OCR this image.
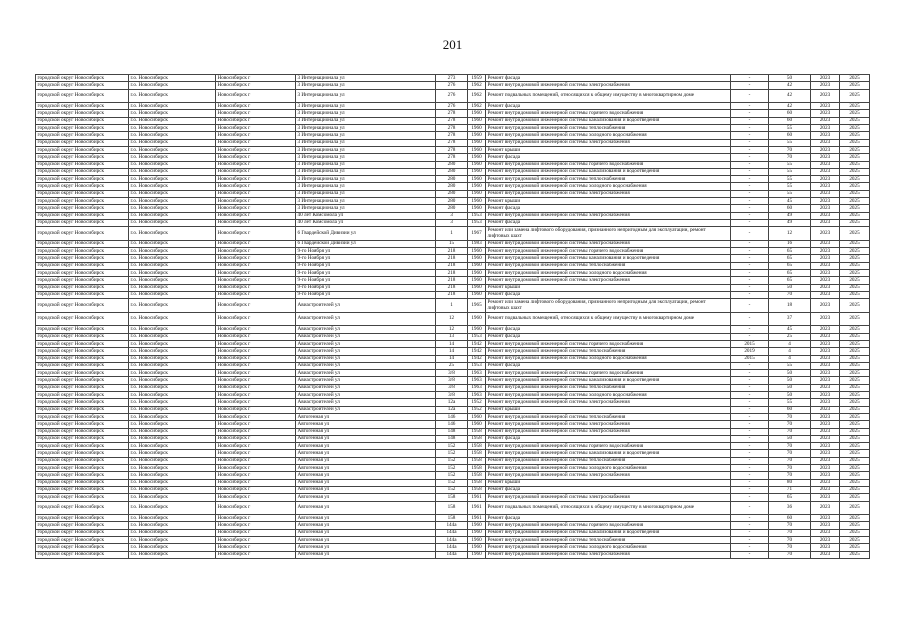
201
городской округ Новосибирск	г.о. Новосибирск	Новосибирск г	3 Интернационала ул	273	1959	Ремонт фасада	-	50	2023	2025
городской округ Новосибирск	г.о. Новосибирск	Новосибирск г	3 Интернационала ул	276	1962	Ремонт внутридомовой инженерной системы электроснабжения	-	42	2023	2025
городской округ Новосибирск	г.о. Новосибирск	Новосибирск г	3 Интернационала ул	276	1962	Ремонт подвальных помещений, относящихся к общему имуществу в многоквартирном доме	-	42	2023	2025
городской округ Новосибирск	г.о. Новосибирск	Новосибирск г	3 Интернационала ул	276	1962	Ремонт фасада	-	42	2023	2025
городской округ Новосибирск	г.о. Новосибирск	Новосибирск г	3 Интернационала ул	278	1960	Ремонт внутридомовой инженерной системы горячего водоснабжения	-	60	2023	2025
городской округ Новосибирск	г.о. Новосибирск	Новосибирск г	3 Интернационала ул	278	1960	Ремонт внутридомовой инженерной системы канализования и водоотведения	-	60	2023	2025
городской округ Новосибирск	г.о. Новосибирск	Новосибирск г	3 Интернационала ул	278	1960	Ремонт внутридомовой инженерной системы теплоснабжения	-	55	2023	2025
городской округ Новосибирск	г.о. Новосибирск	Новосибирск г	3 Интернационала ул	278	1960	Ремонт внутридомовой инженерной системы холодного водоснабжения	-	60	2023	2025
городской округ Новосибирск	г.о. Новосибирск	Новосибирск г	3 Интернационала ул	278	1960	Ремонт внутридомовой инженерной системы электроснабжения	-	55	2023	2025
городской округ Новосибирск	г.о. Новосибирск	Новосибирск г	3 Интернационала ул	278	1960	Ремонт крыши	-	70	2023	2025
городской округ Новосибирск	г.о. Новосибирск	Новосибирск г	3 Интернационала ул	278	1960	Ремонт фасада	-	70	2023	2025
городской округ Новосибирск	г.о. Новосибирск	Новосибирск г	3 Интернационала ул	280	1960	Ремонт внутридомовой инженерной системы горячего водоснабжения	-	55	2023	2025
городской округ Новосибирск	г.о. Новосибирск	Новосибирск г	3 Интернационала ул	280	1960	Ремонт внутридомовой инженерной системы канализования и водоотведения	-	55	2023	2025
городской округ Новосибирск	г.о. Новосибирск	Новосибирск г	3 Интернационала ул	280	1960	Ремонт внутридомовой инженерной системы теплоснабжения	-	55	2023	2025
городской округ Новосибирск	г.о. Новосибирск	Новосибирск г	3 Интернационала ул	280	1960	Ремонт внутридомовой инженерной системы холодного водоснабжения	-	55	2023	2025
городской округ Новосибирск	г.о. Новосибирск	Новосибирск г	3 Интернационала ул	280	1960	Ремонт внутридомовой инженерной системы электроснабжения	-	55	2023	2025
городской округ Новосибирск	г.о. Новосибирск	Новосибирск г	3 Интернационала ул	280	1960	Ремонт крыши	-	45	2023	2025
городской округ Новосибирск	г.о. Новосибирск	Новосибирск г	3 Интернационала ул	280	1960	Ремонт фасада	-	60	2023	2025
городской округ Новосибирск	г.о. Новосибирск	Новосибирск г	40 лет Комсомола ул	3	1953	Ремонт внутридомовой инженерной системы электроснабжения	-	49	2023	2025
городской округ Новосибирск	г.о. Новосибирск	Новосибирск г	40 лет Комсомола ул	3	1953	Ремонт фасада	-	49	2023	2025
городской округ Новосибирск	г.о. Новосибирск	Новосибирск г	6 Гвардейской Дивизии ул	1	1967	Ремонт или замена лифтового оборудования, признанного непригодным для эксплуатации, ремонт лифтовых шахт	-	12	2023	2025
городской округ Новосибирск	г.о. Новосибирск	Новосибирск г	6 Гвардейской Дивизии ул	15	1983	Ремонт внутридомовой инженерной системы электроснабжения	-	16	2023	2025
городской округ Новосибирск	г.о. Новосибирск	Новосибирск г	9-го Ноября ул	218	1960	Ремонт внутридомовой инженерной системы горячего водоснабжения	-	65	2023	2025
городской округ Новосибирск	г.о. Новосибирск	Новосибирск г	9-го Ноября ул	218	1960	Ремонт внутридомовой инженерной системы канализования и водоотведения	-	65	2023	2025
городской округ Новосибирск	г.о. Новосибирск	Новосибирск г	9-го Ноября ул	218	1960	Ремонт внутридомовой инженерной системы теплоснабжения	-	65	2023	2025
городской округ Новосибирск	г.о. Новосибирск	Новосибирск г	9-го Ноября ул	218	1960	Ремонт внутридомовой инженерной системы холодного водоснабжения	-	65	2023	2025
городской округ Новосибирск	г.о. Новосибирск	Новосибирск г	9-го Ноября ул	218	1960	Ремонт внутридомовой инженерной системы электроснабжения	-	65	2023	2025
городской округ Новосибирск	г.о. Новосибирск	Новосибирск г	9-го Ноября ул	218	1960	Ремонт крыши	-	50	2023	2025
городской округ Новосибирск	г.о. Новосибирск	Новосибирск г	9-го Ноября ул	218	1960	Ремонт фасада	-	70	2023	2025
городской округ Новосибирск	г.о. Новосибирск	Новосибирск г	Авиастроителей ул	1	1965	Ремонт или замена лифтового оборудования, признанного непригодным для эксплуатации, ремонт лифтовых шахт	-	18	2023	2025
городской округ Новосибирск	г.о. Новосибирск	Новосибирск г	Авиастроителей ул	12	1960	Ремонт подвальных помещений, относящихся к общему имуществу в многоквартирном доме	-	37	2023	2025
городской округ Новосибирск	г.о. Новосибирск	Новосибирск г	Авиастроителей ул	12	1960	Ремонт фасада	-	45	2023	2025
городской округ Новосибирск	г.о. Новосибирск	Новосибирск г	Авиастроителей ул	13	1953	Ремонт фасада	-	25	2023	2025
городской округ Новосибирск	г.о. Новосибирск	Новосибирск г	Авиастроителей ул	14	1942	Ремонт внутридомовой инженерной системы горячего водоснабжения	2015	4	2023	2025
городской округ Новосибирск	г.о. Новосибирск	Новосибирск г	Авиастроителей ул	14	1942	Ремонт внутридомовой инженерной системы теплоснабжения	2019	4	2023	2025
городской округ Новосибирск	г.о. Новосибирск	Новосибирск г	Авиастроителей ул	14	1942	Ремонт внутридомовой инженерной системы холодного водоснабжения	2015	4	2023	2025
городской округ Новосибирск	г.о. Новосибирск	Новосибирск г	Авиастроителей ул	25	1953	Ремонт фасада	-	55	2023	2025
городской округ Новосибирск	г.о. Новосибирск	Новосибирск г	Авиастроителей ул	3/8	1963	Ремонт внутридомовой инженерной системы горячего водоснабжения	-	50	2023	2025
городской округ Новосибирск	г.о. Новосибирск	Новосибирск г	Авиастроителей ул	3/8	1963	Ремонт внутридомовой инженерной системы канализования и водоотведения	-	50	2023	2025
городской округ Новосибирск	г.о. Новосибирск	Новосибирск г	Авиастроителей ул	3/8	1963	Ремонт внутридомовой инженерной системы теплоснабжения	-	50	2023	2025
городской округ Новосибирск	г.о. Новосибирск	Новосибирск г	Авиастроителей ул	3/8	1963	Ремонт внутридомовой инженерной системы холодного водоснабжения	-	50	2023	2025
городской округ Новосибирск	г.о. Новосибирск	Новосибирск г	Авиастроителей ул	12а	1952	Ремонт внутридомовой инженерной системы электроснабжения	-	55	2023	2025
городской округ Новосибирск	г.о. Новосибирск	Новосибирск г	Авиастроителей ул	12а	1952	Ремонт крыши	-	60	2023	2025
городской округ Новосибирск	г.о. Новосибирск	Новосибирск г	Автогенная ул	146	1960	Ремонт внутридомовой инженерной системы теплоснабжения	-	70	2023	2025
городской округ Новосибирск	г.о. Новосибирск	Новосибирск г	Автогенная ул	146	1960	Ремонт внутридомовой инженерной системы электроснабжения	-	70	2023	2025
городской округ Новосибирск	г.о. Новосибирск	Новосибирск г	Автогенная ул	148	1958	Ремонт внутридомовой инженерной системы электроснабжения	-	70	2023	2025
городской округ Новосибирск	г.о. Новосибирск	Новосибирск г	Автогенная ул	148	1958	Ремонт фасада	-	50	2023	2025
городской округ Новосибирск	г.о. Новосибирск	Новосибирск г	Автогенная ул	152	1958	Ремонт внутридомовой инженерной системы горячего водоснабжения	-	70	2023	2025
городской округ Новосибирск	г.о. Новосибирск	Новосибирск г	Автогенная ул	152	1958	Ремонт внутридомовой инженерной системы канализования и водоотведения	-	70	2023	2025
городской округ Новосибирск	г.о. Новосибирск	Новосибирск г	Автогенная ул	152	1958	Ремонт внутридомовой инженерной системы теплоснабжения	-	70	2023	2025
городской округ Новосибирск	г.о. Новосибирск	Новосибирск г	Автогенная ул	152	1958	Ремонт внутридомовой инженерной системы холодного водоснабжения	-	70	2023	2025
городской округ Новосибирск	г.о. Новосибирск	Новосибирск г	Автогенная ул	152	1958	Ремонт внутридомовой инженерной системы электроснабжения	-	70	2023	2025
городской округ Новосибирск	г.о. Новосибирск	Новосибирск г	Автогенная ул	152	1958	Ремонт крыши	-	80	2023	2025
городской округ Новосибирск	г.о. Новосибирск	Новосибирск г	Автогенная ул	152	1958	Ремонт фасада	-	71	2023	2025
городской округ Новосибирск	г.о. Новосибирск	Новосибирск г	Автогенная ул	158	1961	Ремонт внутридомовой инженерной системы электроснабжения	-	65	2023	2025
городской округ Новосибирск	г.о. Новосибирск	Новосибирск г	Автогенная ул	158	1961	Ремонт подвальных помещений, относящихся к общему имуществу в многоквартирном доме	-	36	2023	2025
городской округ Новосибирск	г.о. Новосибирск	Новосибирск г	Автогенная ул	158	1961	Ремонт фасада	-	60	2023	2025
городской округ Новосибирск	г.о. Новосибирск	Новосибирск г	Автогенная ул	144а	1960	Ремонт внутридомовой инженерной системы горячего водоснабжения	-	70	2023	2025
городской округ Новосибирск	г.о. Новосибирск	Новосибирск г	Автогенная ул	144а	1960	Ремонт внутридомовой инженерной системы канализования и водоотведения	-	70	2023	2025
городской округ Новосибирск	г.о. Новосибирск	Новосибирск г	Автогенная ул	144а	1960	Ремонт внутридомовой инженерной системы теплоснабжения	-	70	2023	2025
городской округ Новосибирск	г.о. Новосибирск	Новосибирск г	Автогенная ул	144а	1960	Ремонт внутридомовой инженерной системы холодного водоснабжения	-	70	2023	2025
городской округ Новосибирск	г.о. Новосибирск	Новосибирск г	Автогенная ул	144а	1960	Ремонт внутридомовой инженерной системы электроснабжения	-	70	2023	2025
